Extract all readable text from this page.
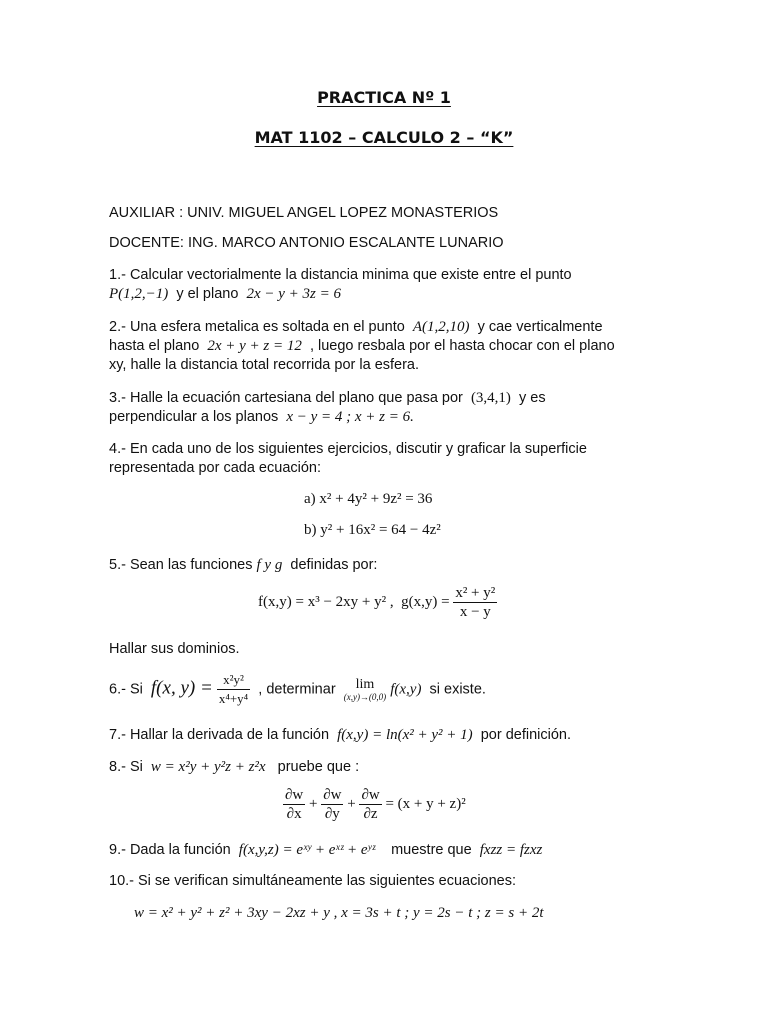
PRACTICA Nº 1
MAT 1102 – CALCULO 2 – “K”
AUXILIAR : UNIV. MIGUEL ANGEL LOPEZ MONASTERIOS
DOCENTE: ING. MARCO ANTONIO ESCALANTE LUNARIO
1.- Calcular vectorialmente la distancia minima que existe entre el punto
P(1,2,−1)  y el plano  2x − y + 3z = 6
2.- Una esfera metalica es soltada en el punto  A(1,2,10)  y cae verticalmente
hasta el plano  2x + y + z = 12  , luego resbala por el hasta chocar con el plano
xy, halle la distancia total recorrida por la esfera.
3.- Halle la ecuación cartesiana del plano que pasa por  (3,4,1)  y es
perpendicular a los planos  x − y = 4 ; x + z = 6.
4.- En cada uno de los siguientes ejercicios, discutir y graficar la superficie
representada por cada ecuación:
a) x² + 4y² + 9z² = 36
b) y² + 16x² = 64 − 4z²
5.- Sean las funciones f y g  definidas por:
f(x,y) = x³ − 2xy + y² ,  $g(x,y) = \frac{\text{x² + y²}}{x - y}$
Hallar sus dominios.
6.- Si  f(x, $y) = \frac{\text{x²y²}}{\text{x⁴+y⁴}}$ , determinar	lim
(x,y)→(0,0) f(x,y)  si existe.
7.- Hallar la derivada de la función  f(x,y) = ln(x² + y² + 1)  por definición.
8.- Si  w = x²y + y²z + z²x   pruebe que :
$\frac{\partial w}{\partial x} + \frac{\partial w}{\partial y} + \frac{\partial w}{\partial z} = (x + y + z)^2$
9.- Dada la función  f(x,y,z) = eˣʸ + eˣᶻ + eʸᶻ    muestre que  fxzz = fzxz
10.- Si se verifican simultáneamente las siguientes ecuaciones:
w = x² + y² + z² + 3xy − 2xz + y , x = 3s + t ; y = 2s − t ; z = s + 2t
